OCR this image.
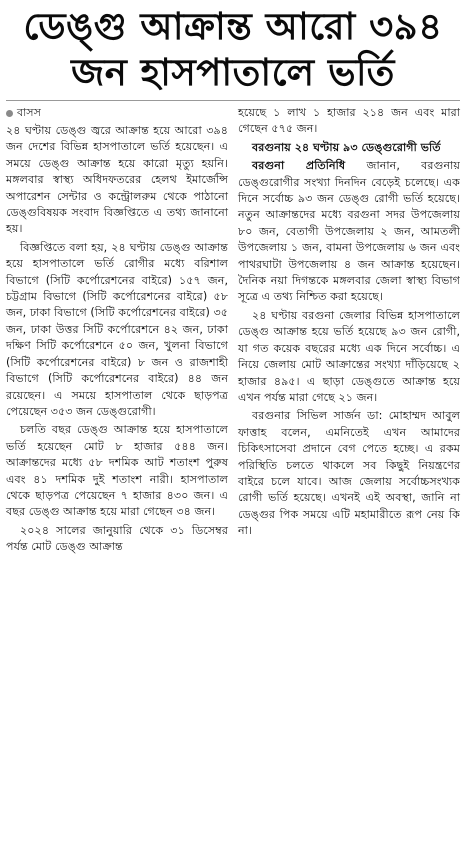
ডেঙ্গু আক্রান্ত আরো ৩৯৪
জন হাসপাতালে ভর্তি
বাসস

২৪ ঘণ্টায় ডেঙ্গু জ্বরে আক্রান্ত হয়ে আরো ৩৯৪ জন দেশের বিভিন্ন হাসপাতালে ভর্তি হয়েছেন। এ সময়ে ডেঙ্গু আক্রান্ত হয়ে কারো মৃত্যু হয়নি। মঙ্গলবার স্বাস্থ্য অধিদফতরের হেলথ ইমার্জেন্সি অপারেশন সেন্টার ও কন্ট্রোলরুম থেকে পাঠানো ডেঙ্গুবিষয়ক সংবাদ বিজ্ঞপ্তিতে এ তথ্য জানানো হয়।

বিজ্ঞপ্তিতে বলা হয়, ২৪ ঘণ্টায় ডেঙ্গু আক্রান্ত হয়ে হাসপাতালে ভর্তি রোগীর মধ্যে বরিশাল বিভাগে (সিটি কর্পোরেশনের বাইরে) ১৫৭ জন, চট্টগ্রাম বিভাগে (সিটি কর্পোরেশনের বাইরে) ৫৮ জন, ঢাকা বিভাগে (সিটি কর্পোরেশনের বাইরে) ৩৫ জন, ঢাকা উত্তর সিটি কর্পোরেশনে ৪২ জন, ঢাকা দক্ষিণ সিটি কর্পোরেশনে ৫০ জন, খুলনা বিভাগে (সিটি কর্পোরেশনের বাইরে) ৮ জন ও রাজশাহী বিভাগে (সিটি কর্পোরেশনের বাইরে) ৪৪ জন রয়েছেন। এ সময়ে হাসপাতাল থেকে ছাড়পত্র পেয়েছেন ৩৫৩ জন ডেঙ্গুরোগী।

চলতি বছর ডেঙ্গু আক্রান্ত হয়ে হাসপাতালে ভর্তি হয়েছেন মোট ৮ হাজার ৫৪৪ জন। আক্রান্তদের মধ্যে ৫৮ দশমিক আট শতাংশ পুরুষ এবং ৪১ দশমিক দুই শতাংশ নারী। হাসপাতাল থেকে ছাড়পত্র পেয়েছেন ৭ হাজার ৪৩০ জন। এ বছর ডেঙ্গু আক্রান্ত হয়ে মারা গেছেন ৩৪ জন।

২০২৪ সালের জানুয়ারি থেকে ৩১ ডিসেম্বর পর্যন্ত মোট ডেঙ্গু আক্রান্ত

হয়েছে ১ লাখ ১ হাজার ২১৪ জন এবং মারা গেছেন ৫৭৫ জন।

বরগুনায় ২৪ ঘণ্টায় ৯৩ ডেঙ্গুরোগী ভর্তি

বরগুনা প্রতিনিধি জানান, বরগুনায় ডেঙ্গুরোগীর সংখ্যা দিনদিন বেড়েই চলেছে। এক দিনে সর্বোচ্চ ৯৩ জন ডেঙ্গু রোগী ভর্তি হয়েছে। নতুন আক্রান্তদের মধ্যে বরগুনা সদর উপজেলায় ৮০ জন, বেতাগী উপজেলায় ২ জন, আমতলী উপজেলায় ১ জন, বামনা উপজেলায় ৬ জন এবং পাথরঘাটা উপজেলায় ৪ জন আক্রান্ত হয়েছেন। দৈনিক নয়া দিগন্তকে মঙ্গলবার জেলা স্বাস্থ্য বিভাগ সূত্রে এ তথ্য নিশ্চিত করা হয়েছে।

২৪ ঘণ্টায় বরগুনা জেলার বিভিন্ন হাসপাতালে ডেঙ্গু আক্রান্ত হয়ে ভর্তি হয়েছে ৯৩ জন রোগী, যা গত কয়েক বছরের মধ্যে এক দিনে সর্বোচ্চ। এ নিয়ে জেলায় মোট আক্রান্তের সংখ্যা দাঁড়িয়েছে ২ হাজার ৪৯৫। এ ছাড়া ডেঙ্গুতে আক্রান্ত হয়ে এখন পর্যন্ত মারা গেছে ২১ জন।

বরগুনার সিভিল সার্জন ডা: মোহাম্মদ আবুল ফাত্তাহ বলেন, এমনিতেই এখন আমাদের চিকিৎসাসেবা প্রদানে বেগ পেতে হচ্ছে। এ রকম পরিস্থিতি চলতে থাকলে সব কিছুই নিয়ন্ত্রণের বাইরে চলে যাবে। আজ জেলায় সর্বোচ্চসংখ্যক রোগী ভর্তি হয়েছে। এখনই এই অবস্থা, জানি না ডেঙ্গুর পিক সময়ে এটি মহামারীতে রূপ নেয় কি না।
